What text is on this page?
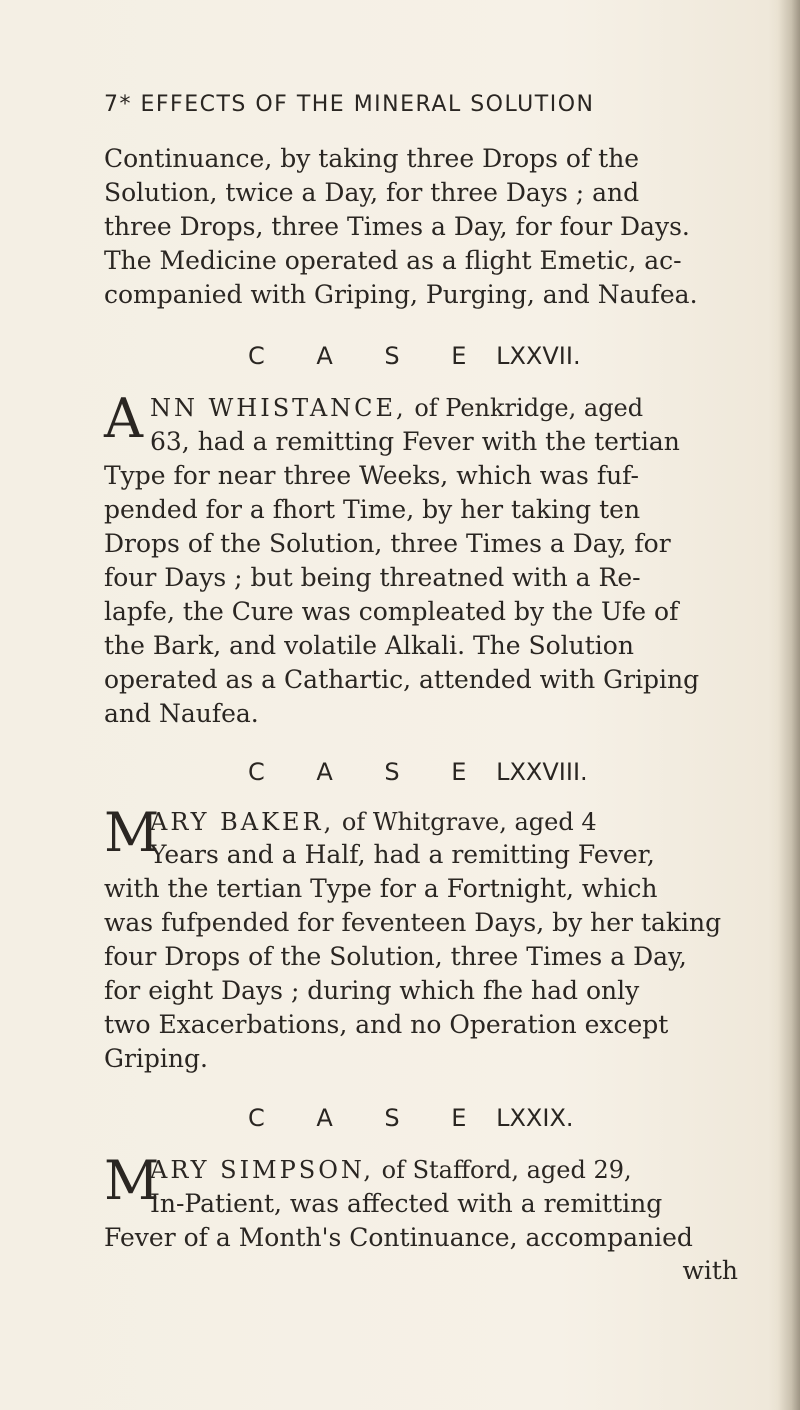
7* EFFECTS OF THE MINERAL SOLUTION
Continuance, by taking three Drops of the
Solution, twice a Day, for three Days ; and
three Drops, three Times a Day, for four Days.
The Medicine operated as a flight Emetic, ac-
companied with Griping, Purging, and Naufea.
C A S E LXXVII.
A NN WHISTANCE, of Penkridge, aged
63, had a remitting Fever with the tertian
Type for near three Weeks, which was fuf-
pended for a fhort Time, by her taking ten
Drops of the Solution, three Times a Day, for
four Days ; but being threatned with a Re-
lapfe, the Cure was compleated by the Ufe of
the Bark, and volatile Alkali. The Solution
operated as a Cathartic, attended with Griping
and Naufea.
C A S E LXXVIII.
M
ARY BAKER, of Whitgrave, aged 4
Years and a Half, had a remitting Fever,
with the tertian Type for a Fortnight, which
was fufpended for feventeen Days, by her taking
four Drops of the Solution, three Times a Day,
for eight Days ; during which fhe had only
two Exacerbations, and no Operation except
Griping.
C A S E LXXIX.
M
ARY SIMPSON, of Stafford, aged 29,
In-Patient, was affected with a remitting
Fever of a Month's Continuance, accompanied
with
